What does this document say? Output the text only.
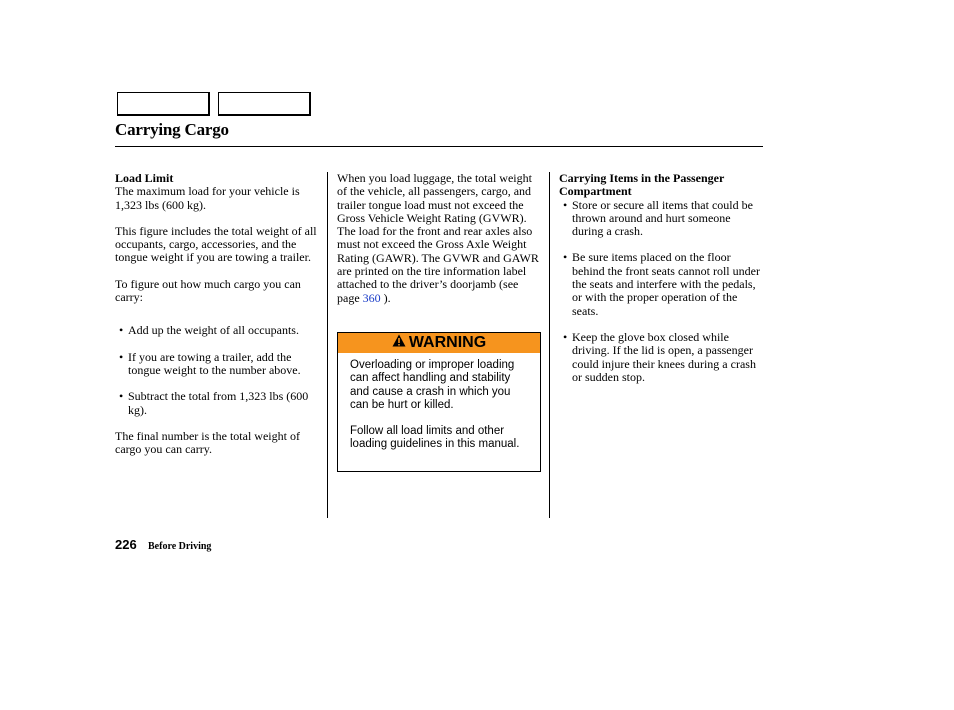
Carrying Cargo
Load Limit

The maximum load for your vehicle is 1,323 lbs (600 kg).

This figure includes the total weight of all occupants, cargo, accessories, and the tongue weight if you are towing a trailer.

To figure out how much cargo you can carry:

• Add up the weight of all occupants.
• If you are towing a trailer, add the tongue weight to the number above.
• Subtract the total from 1,323 lbs (600 kg).

The final number is the total weight of cargo you can carry.

When you load luggage, the total weight of the vehicle, all passengers, cargo, and trailer tongue load must not exceed the Gross Vehicle Weight Rating (GVWR). The load for the front and rear axles also must not exceed the Gross Axle Weight Rating (GAWR). The GVWR and GAWR are printed on the tire information label attached to the driver’s doorjamb (see page 360 ).

WARNING

Overloading or improper loading can affect handling and stability and cause a crash in which you can be hurt or killed.

Follow all load limits and other loading guidelines in this manual.

Carrying Items in the Passenger Compartment
• Store or secure all items that could be thrown around and hurt someone during a crash.
• Be sure items placed on the floor behind the front seats cannot roll under the seats and interfere with the pedals, or with the proper operation of the seats.
• Keep the glove box closed while driving. If the lid is open, a passenger could injure their knees during a crash or sudden stop.
226 Before Driving
